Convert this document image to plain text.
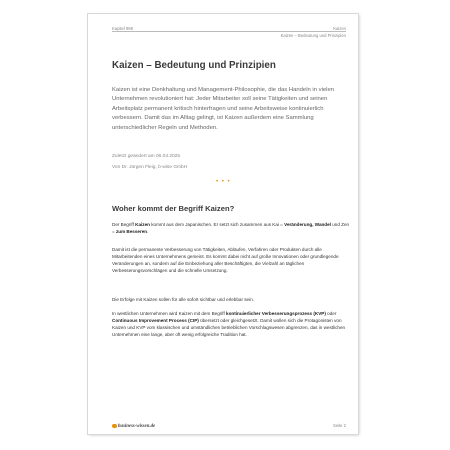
Kapitel 998	Kaizen
Kaizen – Bedeutung und Prinzipien
Kaizen – Bedeutung und Prinzipien
Kaizen ist eine Denkhaltung und Management-Philosophie, die das Handeln in vielen Unternehmen revolutioniert hat: Jeder Mitarbeiter soll seine Tätigkeiten und seinen Arbeitsplatz permanent kritisch hinterfragen und seine Arbeitsweise kontinuierlich verbessern. Damit das im Alltag gelingt, ist Kaizen außerdem eine Sammlung unterschiedlicher Regeln und Methoden.
Zuletzt geändert am 06.03.2025
Von Dr. Jürgen Fleig, b-wise GmbH
• • •
Woher kommt der Begriff Kaizen?
Der Begriff Kaizen kommt aus dem Japanischen. Er setzt sich zusammen aus Kai = Veränderung, Wandel und Zen = zum Besseren.
Damit ist die permanente Verbesserung von Tätigkeiten, Abläufen, Verfahren oder Produkten durch alle Mitarbeitenden eines Unternehmens gemeint. Es kommt dabei nicht auf große Innovationen oder grundlegende Veränderungen an, sondern auf die Einbeziehung aller Beschäftigten, die Vielzahl an täglichen Verbesserungsvorschlägen und die schnelle Umsetzung.
Die Erfolge mit Kaizen sollen für alle sofort sichtbar und erlebbar sein.
In westlichen Unternehmen wird Kaizen mit dem Begriff kontinuierlicher Verbesserungsprozess (KVP) oder Continuous Improvement Process (CIP) übersetzt oder gleichgesetzt. Damit wollen sich die Protagonisten von Kaizen und KVP vom klassischen und umständlichen betrieblichen Vorschlagswesen abgrenzen, das in westlichen Unternehmen eine lange, aber oft wenig erfolgreiche Tradition hat.
business-wissen.de	Seite 2
